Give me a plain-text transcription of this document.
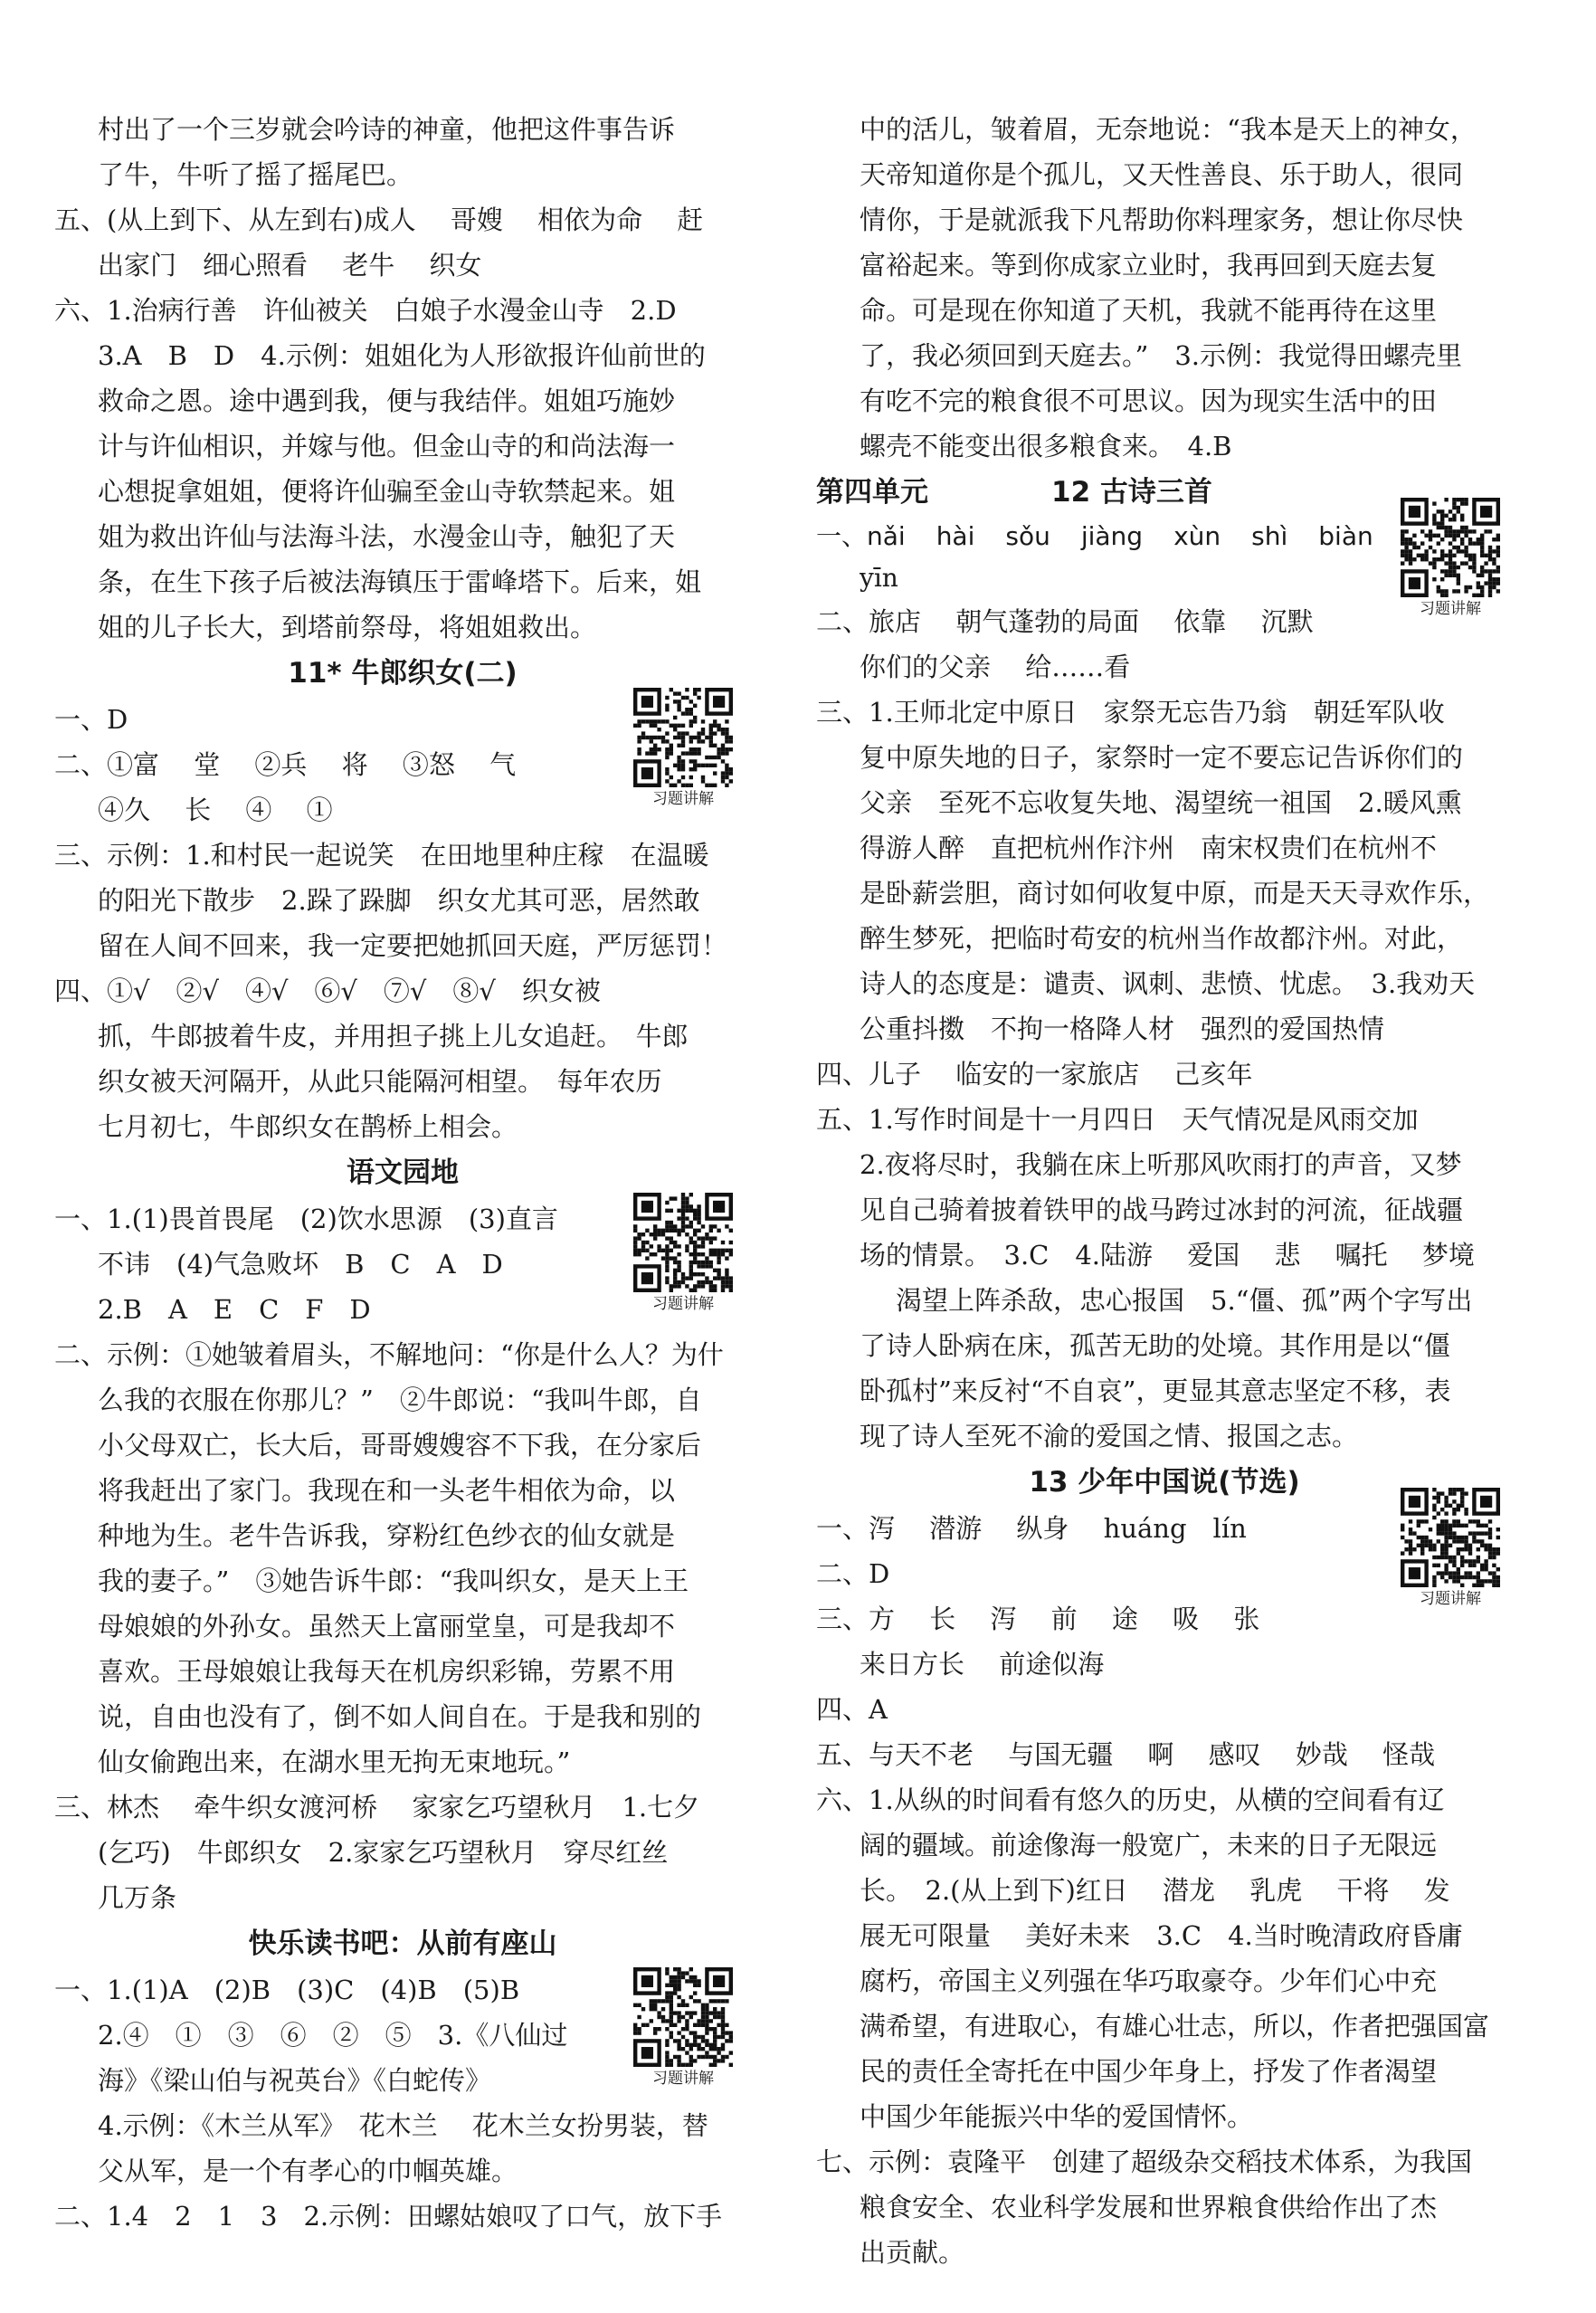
村出了一个三岁就会吟诗的神童，他把这件事告诉
了牛，牛听了摇了摇尾巴。
五、(从上到下、从左到右)成人　 哥嫂　 相依为命　 赶
出家门　细心照看　 老牛　 织女
六、1.治病行善　许仙被关　白娘子水漫金山寺　2.D
3.A　B　D　4.示例：姐姐化为人形欲报许仙前世的
救命之恩。途中遇到我，便与我结伴。姐姐巧施妙
计与许仙相识，并嫁与他。但金山寺的和尚法海一
心想捉拿姐姐，便将许仙骗至金山寺软禁起来。姐
姐为救出许仙与法海斗法，水漫金山寺，触犯了天
条，在生下孩子后被法海镇压于雷峰塔下。后来，姐
姐的儿子长大，到塔前祭母，将姐姐救出。
11* 牛郎织女(二)
一、D
二、①富　 堂　 ②兵　 将　 ③怒　 气
④久　 长　 ④　 ①
三、示例：1.和村民一起说笑　在田地里种庄稼　在温暖
的阳光下散步　2.跺了跺脚　织女尤其可恶，居然敢
留在人间不回来，我一定要把她抓回天庭，严厉惩罚！
四、①√　②√　④√　⑥√　⑦√　⑧√　织女被
抓，牛郎披着牛皮，并用担子挑上儿女追赶。　牛郎
织女被天河隔开，从此只能隔河相望。　每年农历
七月初七，牛郎织女在鹊桥上相会。
语文园地
一、1.(1)畏首畏尾　(2)饮水思源　(3)直言
不讳　(4)气急败坏　B　C　A　D
2.B　A　E　C　F　D
二、示例：①她皱着眉头，不解地问：“你是什么人？为什
么我的衣服在你那儿？”　②牛郎说：“我叫牛郎，自
小父母双亡，长大后，哥哥嫂嫂容不下我，在分家后
将我赶出了家门。我现在和一头老牛相依为命，以
种地为生。老牛告诉我，穿粉红色纱衣的仙女就是
我的妻子。”　③她告诉牛郎：“我叫织女，是天上王
母娘娘的外孙女。虽然天上富丽堂皇，可是我却不
喜欢。王母娘娘让我每天在机房织彩锦，劳累不用
说，自由也没有了，倒不如人间自在。于是我和别的
仙女偷跑出来，在湖水里无拘无束地玩。”
三、林杰　 牵牛织女渡河桥　 家家乞巧望秋月　1.七夕
(乞巧)　牛郎织女　2.家家乞巧望秋月　穿尽红丝
几万条
快乐读书吧：从前有座山
一、1.(1)A　(2)B　(3)C　(4)B　(5)B
2.④　①　③　⑥　②　⑤　3.《八仙过
海》《梁山伯与祝英台》《白蛇传》
4.示例：《木兰从军》　花木兰　 花木兰女扮男装，替
父从军，是一个有孝心的巾帼英雄。
二、1.4　2　1　3　2.示例：田螺姑娘叹了口气，放下手
中的活儿，皱着眉，无奈地说：“我本是天上的神女，
天帝知道你是个孤儿，又天性善良、乐于助人，很同
情你，于是就派我下凡帮助你料理家务，想让你尽快
富裕起来。等到你成家立业时，我再回到天庭去复
命。可是现在你知道了天机，我就不能再待在这里
了，我必须回到天庭去。”　3.示例：我觉得田螺壳里
有吃不完的粮食很不可思议。因为现实生活中的田
螺壳不能变出很多粮食来。　4.B
第四单元	12 古诗三首
一、nǎi hài sǒu jiàng xùn shì biàn
yīn
二、旅店　 朝气蓬勃的局面　 依靠　 沉默
你们的父亲　 给……看
三、1.王师北定中原日　家祭无忘告乃翁　朝廷军队收
复中原失地的日子，家祭时一定不要忘记告诉你们的
父亲　至死不忘收复失地、渴望统一祖国　2.暖风熏
得游人醉　直把杭州作汴州　南宋权贵们在杭州不
是卧薪尝胆，商讨如何收复中原，而是天天寻欢作乐，
醉生梦死，把临时苟安的杭州当作故都汴州。对此，
诗人的态度是：谴责、讽刺、悲愤、忧虑。　3.我劝天
公重抖擞　不拘一格降人材　强烈的爱国热情
四、儿子　 临安的一家旅店　 己亥年
五、1.写作时间是十一月四日　天气情况是风雨交加
2.夜将尽时，我躺在床上听那风吹雨打的声音，又梦
见自己骑着披着铁甲的战马跨过冰封的河流，征战疆
场的情景。　3.C　4.陆游　 爱国　 悲　 嘱托　 梦境
渴望上阵杀敌，忠心报国　5.“僵、孤”两个字写出
了诗人卧病在床，孤苦无助的处境。其作用是以“僵
卧孤村”来反衬“不自哀”，更显其意志坚定不移，表
现了诗人至死不渝的爱国之情、报国之志。
13 少年中国说(节选)
一、泻　 潜游　 纵身　 huáng　lín
二、D
三、方　 长　 泻　 前　 途　 吸　 张
来日方长　 前途似海
四、A
五、与天不老　 与国无疆　 啊　 感叹　 妙哉　 怪哉
六、1.从纵的时间看有悠久的历史，从横的空间看有辽
阔的疆域。前途像海一般宽广，未来的日子无限远
长。　2.(从上到下)红日　 潜龙　 乳虎　 干将　 发
展无可限量　 美好未来　3.C　4.当时晚清政府昏庸
腐朽，帝国主义列强在华巧取豪夺。少年们心中充
满希望，有进取心，有雄心壮志，所以，作者把强国富
民的责任全寄托在中国少年身上，抒发了作者渴望
中国少年能振兴中华的爱国情怀。
七、示例：袁隆平　创建了超级杂交稻技术体系，为我国
粮食安全、农业科学发展和世界粮食供给作出了杰
出贡献。
习题讲解
习题讲解
习题讲解
习题讲解
习题讲解
